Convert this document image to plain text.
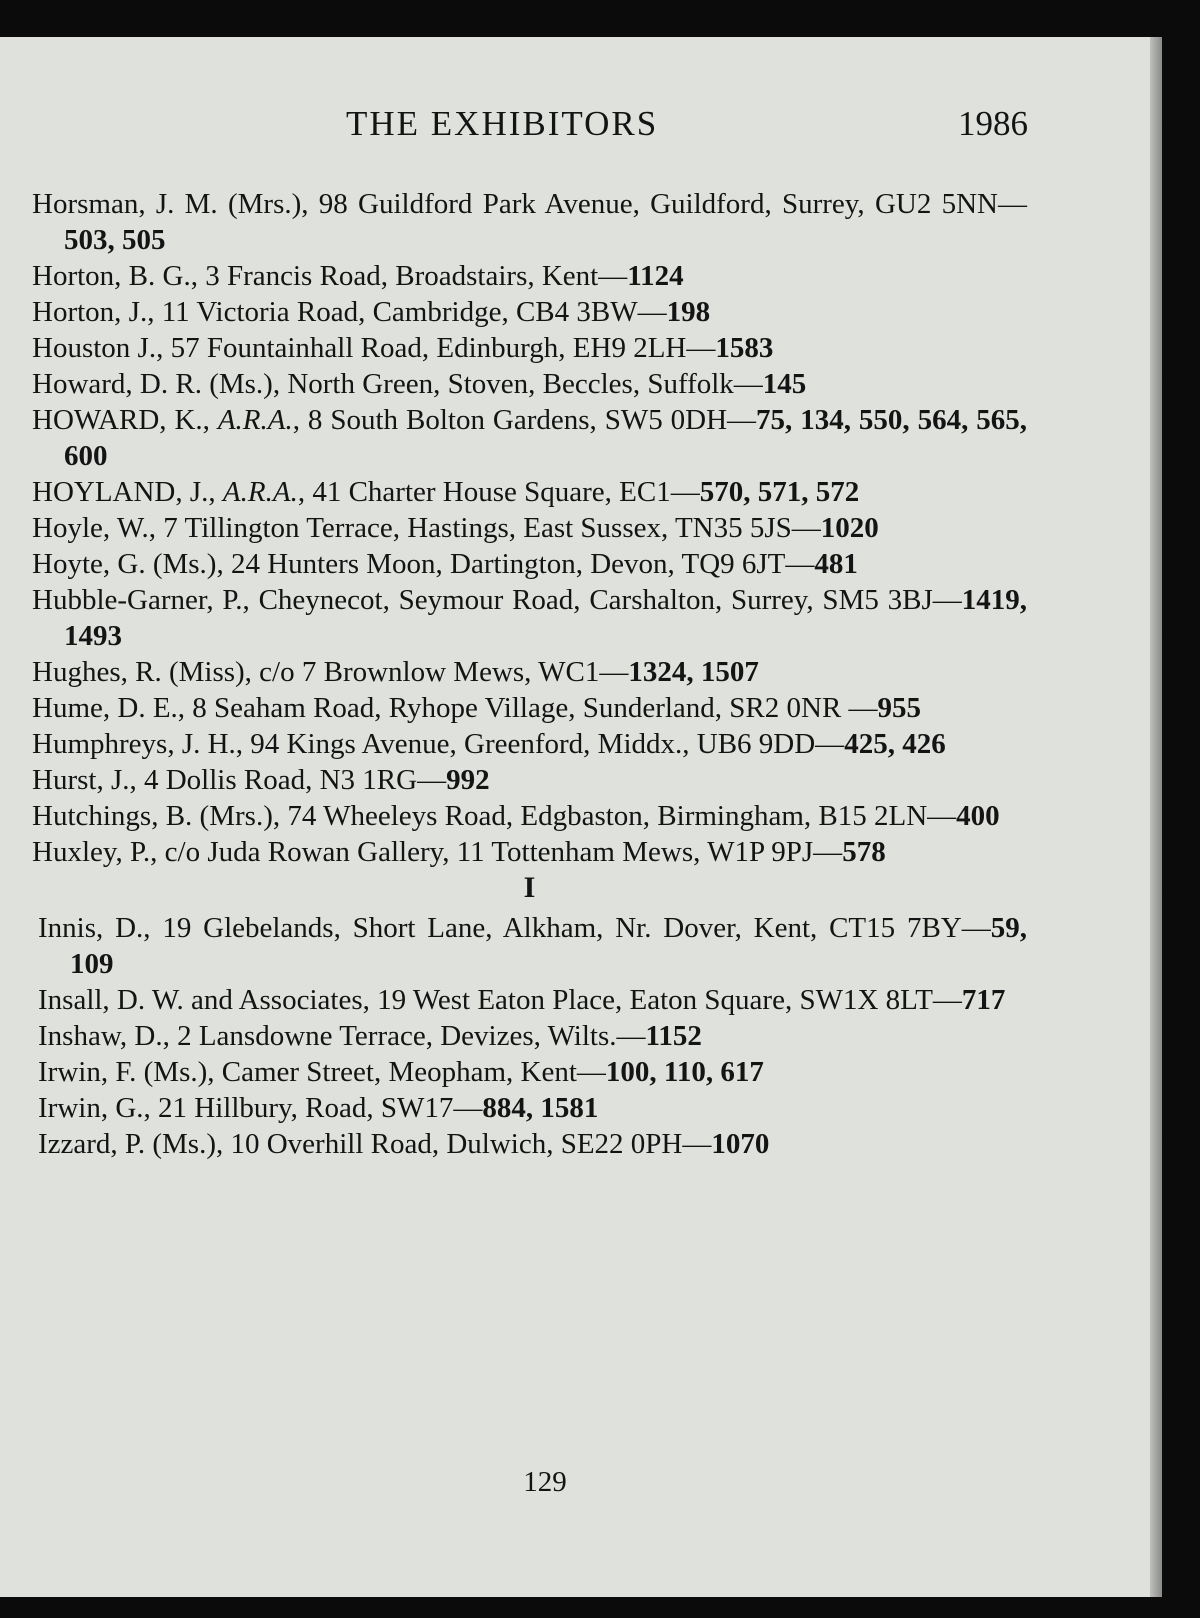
THE EXHIBITORS	1986
Horsman, J. M. (Mrs.), 98 Guildford Park Avenue, Guildford, Surrey, GU2 5NN—503, 505
Horton, B. G., 3 Francis Road, Broadstairs, Kent—1124
Horton, J., 11 Victoria Road, Cambridge, CB4 3BW—198
Houston J., 57 Fountainhall Road, Edinburgh, EH9 2LH—1583
Howard, D. R. (Ms.), North Green, Stoven, Beccles, Suffolk—145
HOWARD, K., A.R.A., 8 South Bolton Gardens, SW5 0DH—75, 134, 550, 564, 565, 600
HOYLAND, J., A.R.A., 41 Charter House Square, EC1—570, 571, 572
Hoyle, W., 7 Tillington Terrace, Hastings, East Sussex, TN35 5JS—1020
Hoyte, G. (Ms.), 24 Hunters Moon, Dartington, Devon, TQ9 6JT—481
Hubble-Garner, P., Cheynecot, Seymour Road, Carshalton, Surrey, SM5 3BJ—1419, 1493
Hughes, R. (Miss), c/o 7 Brownlow Mews, WC1—1324, 1507
Hume, D. E., 8 Seaham Road, Ryhope Village, Sunderland, SR2 0NR —955
Humphreys, J. H., 94 Kings Avenue, Greenford, Middx., UB6 9DD—425, 426
Hurst, J., 4 Dollis Road, N3 1RG—992
Hutchings, B. (Mrs.), 74 Wheeleys Road, Edgbaston, Birmingham, B15 2LN—400
Huxley, P., c/o Juda Rowan Gallery, 11 Tottenham Mews, W1P 9PJ—578
I
Innis, D., 19 Glebelands, Short Lane, Alkham, Nr. Dover, Kent, CT15 7BY—59, 109
Insall, D. W. and Associates, 19 West Eaton Place, Eaton Square, SW1X 8LT—717
Inshaw, D., 2 Lansdowne Terrace, Devizes, Wilts.—1152
Irwin, F. (Ms.), Camer Street, Meopham, Kent—100, 110, 617
Irwin, G., 21 Hillbury, Road, SW17—884, 1581
Izzard, P. (Ms.), 10 Overhill Road, Dulwich, SE22 0PH—1070
129
